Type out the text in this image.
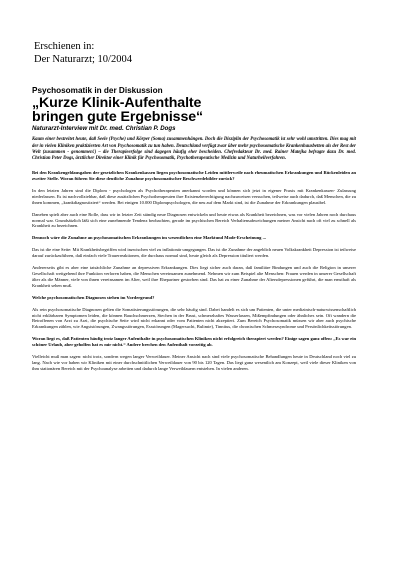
Erschienen in:
Der Naturarzt; 10/2004

Psychosomatik in der Diskussion

„Kurze Klinik-Aufenthalte
bringen gute Ergebnisse“

Naturarzt-Interview mit Dr. med. Christian P. Dogs

Kaum einer bestreitet heute, daß Seele (Psyche) und Körper (Soma) zusammenhängen. Doch die Disziplin der Psychosomatik ist sehr wohl umstritten. Dies mag mit der in vielen Kliniken praktizierten Art von Psychosomatik zu tun haben. Deutschland verfügt zwar über mehr psychosomatische Krankenhausbetten als der Rest der Welt (zusammen - genommen!) – die Therapieerfolge sind dagegen häufig eher bescheiden. Chefredakteur Dr. med. Rainer Matejka befragte dazu Dr. med. Christian Peter Dogs, ärztlicher Direktor einer Klinik für Psychosomatik, Psychotherapeutische Medizin und Naturheilverfahren.

Bei den Krankengeldausgaben der gesetzlichen Krankenkassen liegen psychosomatische Leiden mittlerweile nach rheumatischen Erkrankungen und Rückenleiden an zweiter Stelle. Woran führen Sie diese deutliche Zunahme psychosomatischer Beschwerdebilder zurück?

In den letzten Jahren sind die Diplom - psychologen als Psychotherapeuten anerkannt worden und können sich jetzt in eigener Praxis mit Krankenkassen- Zulassung niederlassen. Es ist nachvollziehbar, daß diese zusätzlichen Psychotherapeuten ihre Existenzberechtigung nachzuweisen versuchen, teilweise auch dadurch, daß Menschen, die zu ihnen kommen, „krankdiagnostiziert“ werden. Bei einigen 10.000 Diplompsychologen, die neu auf dem Markt sind, ist die Zunahme der Erkrankungen plausibel.

Daneben spielt aber auch eine Rolle, dass wir in letzter Zeit ständig neue Diagnosen entwickeln und heute etwas als Krankheit bezeichnen, was vor vielen Jahren noch durchaus normal war. Grundsätzlich läßt sich eine zunehmende Tendenz beobachten, gerade im psychischen Bereich Verhaltensabweichungen meiner Ansicht nach oft viel zu schnell als Krankheit zu bezeichnen.

Dennoch wäre die Zunahme an psychosomatischen Erkrankungen im wesentlichen eine Marktund Mode-Erscheinung ...

Das ist die eine Seite: Mit Krankheitsbegriffen wird inzwischen viel zu inflationär umgegangen. Das ist die Zunahme der angeblich neuen Volkskrankheit Depression ist teilweise darauf zurückzuführen, daß einfach viele Trauerreaktionen, die durchaus normal sind, heute gleich als Depression tituliert werden.

Andererseits gibt es aber eine tatsächliche Zunahme an depressiven Erkrankungen. Dies liegt sicher auch daran, daß familiäre Bindungen und auch die Religion in unserer Gesellschaft weitgehend ihre Funktion verloren haben, die Menschen vereinsamen zunehmend. Nehmen wir zum Beispiel alte Menschen: Frauen werden in unserer Gesellschaft älter als die Männer, viele von ihnen vereinsamen im Alter, weil ihre Ehepartner gestorben sind. Das hat zu einer Zunahme der Altersdepressionen geführt, die man ernsthaft als Krankheit sehen muß.

Welche psychosomatischen Diagnosen stehen im Vordergrund?

Als rein psychosomatische Diagnosen gelten die Somatisierungsstörungen, die sehr häufig sind. Dabei handelt es sich um Patienten, die unter medizinisch-naturwissenschaftlich nicht erklärbaren Symptomen leiden, die können Bauchschmerzen, Stechen in der Brust, schmerzhaftes Wasserlassen, Mißempfindungen oder ähnliches sein. Oft wandern die Betroffenen von Arzt zu Arzt, die psychische Seite wird nicht erkannt oder vom Patienten nicht akzeptiert. Zum Bereich Psychosomatik müssen wir aber auch psychische Erkrankungen zählen, wie Angststörungen, Zwangsstörungen, Essstörungen (Magersucht, Bulimie), Tinnitus, die chronischen Schmerzsyndrome und Persönlichkeitsstörungen.

Woran liegt es, daß Patienten häufig trotz langer Aufenthalte in psychosomatischen Kliniken nicht erfolgreich therapiert werden? Einige sagen ganz offen: „Es war ein schöner Urlaub, aber geholfen hat es mir nicht.“ Andere brechen den Aufenthalt vorzeitig ab.

Vielleicht muß man sagen: nicht trotz, sondern wegen langer Verweildauer. Meiner Ansicht nach sind viele psychosomatische Behandlungen heute in Deutschland noch viel zu lang. Nach wie vor haben wir Kliniken mit einer durchschnittlichen Verweildauer von 90 bis 120 Tagen. Das liegt ganz wesentlich am Konzept, weil viele dieser Kliniken von ihm stationären Bereich mit der Psychoanalyse arbeiten und dadurch lange Verweildauern entstehen. In vielen anderen.
